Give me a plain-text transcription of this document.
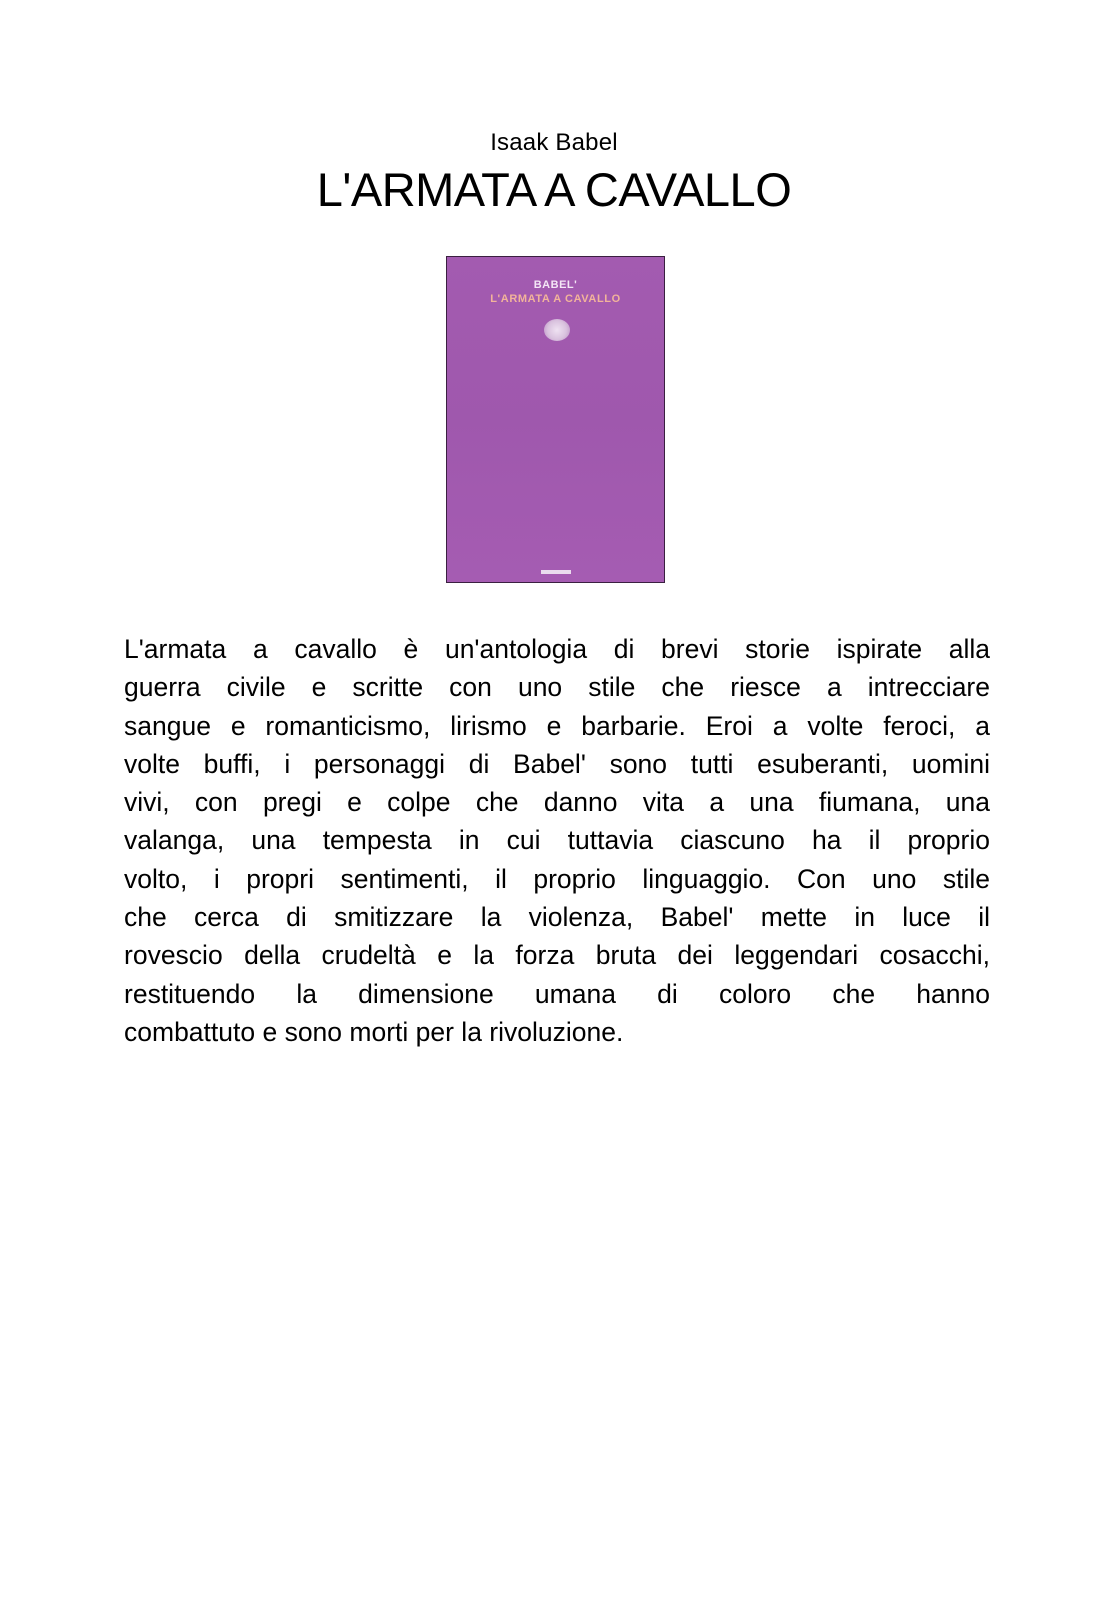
Isaak Babel
L'ARMATA A CAVALLO
BABEL'
L'ARMATA A CAVALLO
L'armata a cavallo è un'antologia di brevi storie ispirate alla
guerra civile e scritte con uno stile che riesce a intrecciare
sangue e romanticismo, lirismo e barbarie. Eroi a volte feroci, a
volte buffi, i personaggi di Babel' sono tutti esuberanti, uomini
vivi, con pregi e colpe che danno vita a una fiumana, una
valanga, una tempesta in cui tuttavia ciascuno ha il proprio
volto, i propri sentimenti, il proprio linguaggio. Con uno stile
che cerca di smitizzare la violenza, Babel' mette in luce il
rovescio della crudeltà e la forza bruta dei leggendari cosacchi,
restituendo la dimensione umana di coloro che hanno
combattuto e sono morti per la rivoluzione.
